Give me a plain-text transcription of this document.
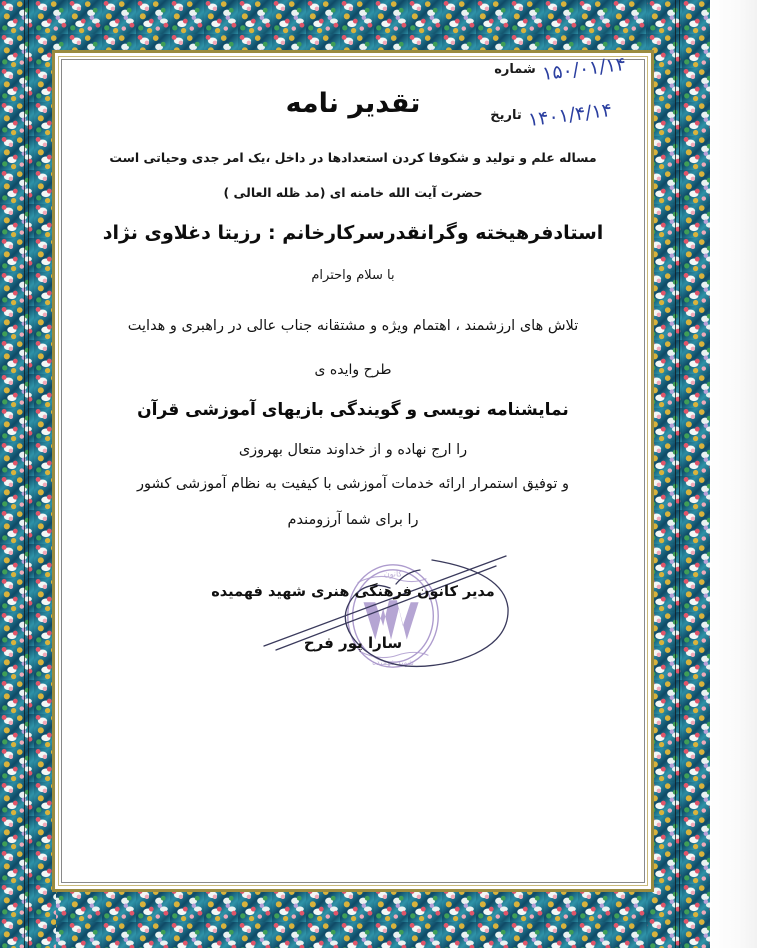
۱۵۰/۰۱/۱۴
شماره
۱۴۰۱/۴/۱۴
تاریخ
تقدیر نامه
مساله علم و تولید و شکوفا کردن استعدادها در داخل ،یک امر جدی وحیاتی است
حضرت آیت الله خامنه ای (مد ظله العالی )
استادفرهیخته وگرانقدرسرکارخانم : رزیتا دغلاوی نژاد
با سلام واحترام
تلاش های ارزشمند ، اهتمام ویژه و مشتقانه جناب عالی در راهبری و هدایت
طرح وایده ی
نمایشنامه نویسی و گویندگی بازیهای آموزشی قرآن
را ارج نهاده و از خداوند متعال بهروزی
و توفیق استمرار ارائه خدمات آموزشی با کیفیت به نظام آموزشی کشور
را برای شما آرزومندم
کانون
شهید فهمیده
مدیر کانون فرهنگی هنری شهید فهمیده
سارا پور فرح
